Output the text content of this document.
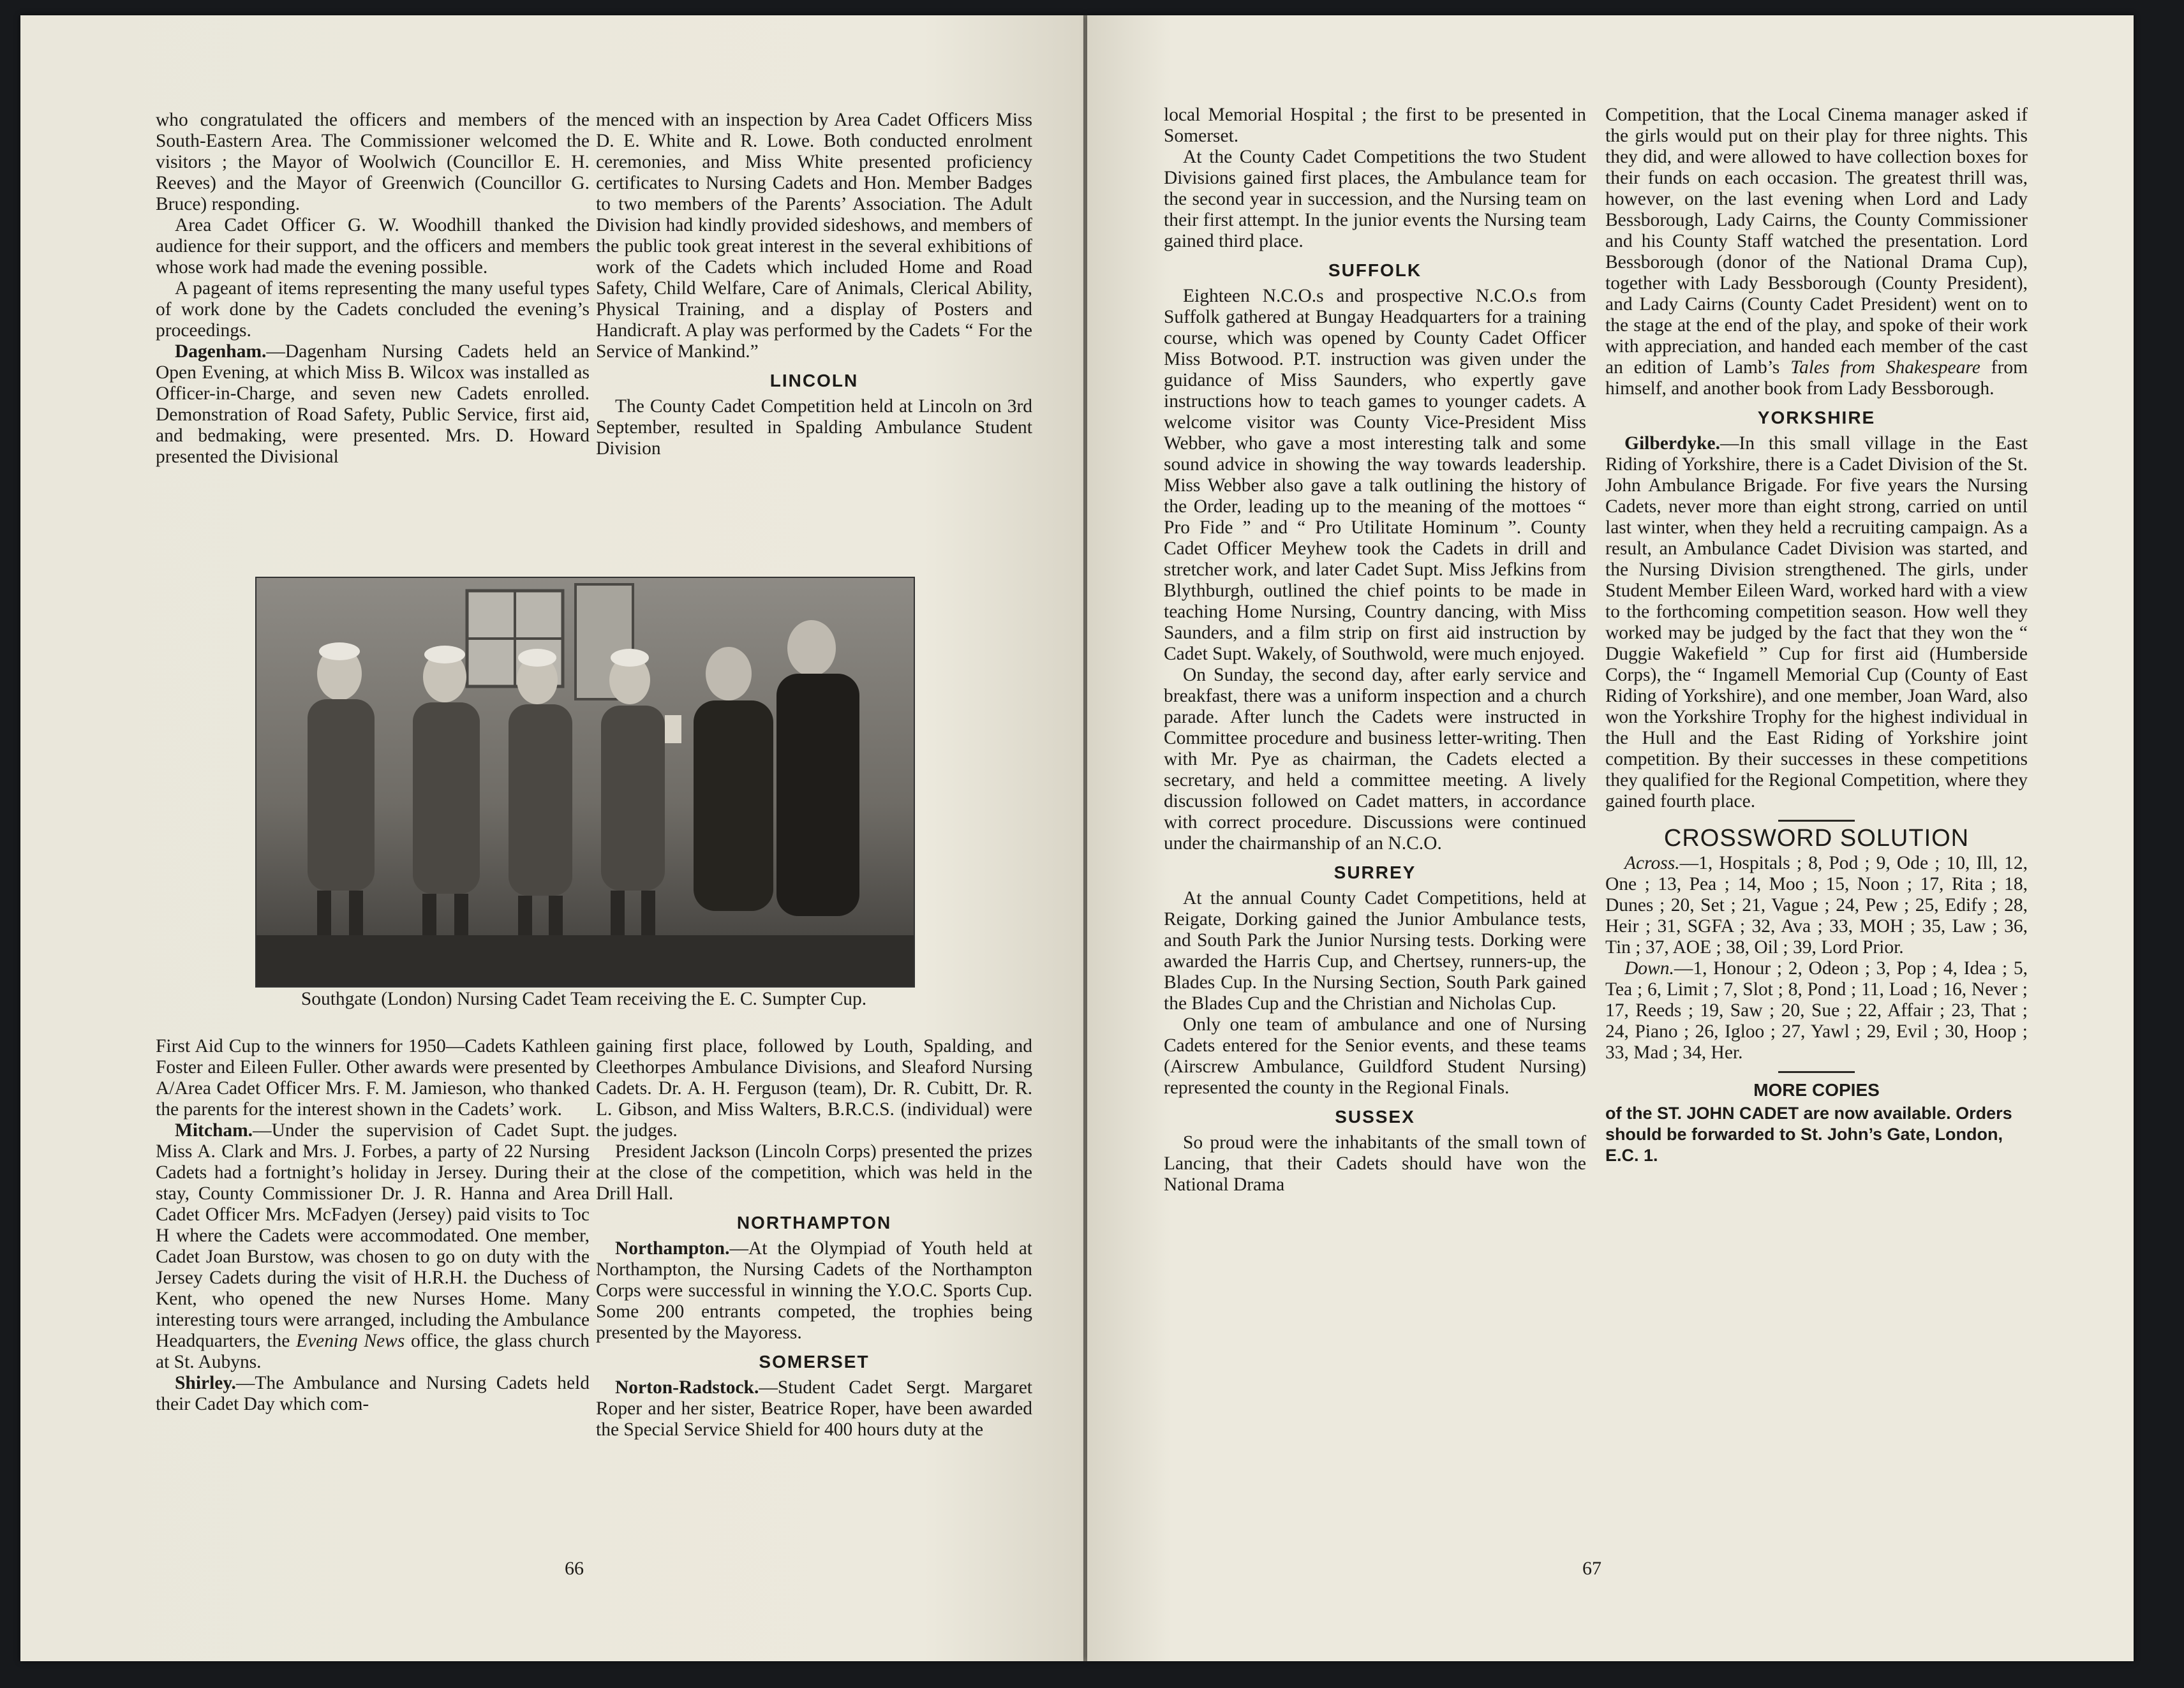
who congratulated the officers and members of the South-Eastern Area. The Commissioner welcomed the visitors ; the Mayor of Woolwich (Councillor E. H. Reeves) and the Mayor of Greenwich (Councillor G. Bruce) responding.

Area Cadet Officer G. W. Woodhill thanked the audience for their support, and the officers and members whose work had made the evening possible.

A pageant of items representing the many useful types of work done by the Cadets concluded the evening’s proceedings.

Dagenham.—Dagenham Nursing Cadets held an Open Evening, at which Miss B. Wilcox was installed as Officer-in-Charge, and seven new Cadets enrolled. Demonstration of Road Safety, Public Service, first aid, and bedmaking, were presented. Mrs. D. Howard presented the Divisional

menced with an inspection by Area Cadet Officers Miss D. E. White and R. Lowe. Both conducted enrolment ceremonies, and Miss White presented proficiency certificates to Nursing Cadets and Hon. Member Badges to two members of the Parents’ Association. The Adult Division had kindly provided sideshows, and members of the public took great interest in the several exhibitions of work of the Cadets which included Home and Road Safety, Child Welfare, Care of Animals, Clerical Ability, Physical Training, and a display of Posters and Handicraft. A play was performed by the Cadets “ For the Service of Mankind.”

LINCOLN

The County Cadet Competition held at Lincoln on 3rd September, resulted in Spalding Ambulance Student Division

Southgate (London) Nursing Cadet Team receiving the E. C. Sumpter Cup.

First Aid Cup to the winners for 1950—Cadets Kathleen Foster and Eileen Fuller. Other awards were presented by A/Area Cadet Officer Mrs. F. M. Jamieson, who thanked the parents for the interest shown in the Cadets’ work.

Mitcham.—Under the supervision of Cadet Supt. Miss A. Clark and Mrs. J. Forbes, a party of 22 Nursing Cadets had a fortnight’s holiday in Jersey. During their stay, County Commissioner Dr. J. R. Hanna and Area Cadet Officer Mrs. McFadyen (Jersey) paid visits to Toc H where the Cadets were accommodated. One member, Cadet Joan Burstow, was chosen to go on duty with the Jersey Cadets during the visit of H.R.H. the Duchess of Kent, who opened the new Nurses Home. Many interesting tours were arranged, including the Ambulance Headquarters, the Evening News office, the glass church at St. Aubyns.

Shirley.—The Ambulance and Nursing Cadets held their Cadet Day which com-

gaining first place, followed by Louth, Spalding, and Cleethorpes Ambulance Divisions, and Sleaford Nursing Cadets. Dr. A. H. Ferguson (team), Dr. R. Cubitt, Dr. R. L. Gibson, and Miss Walters, B.R.C.S. (individual) were the judges.

President Jackson (Lincoln Corps) presented the prizes at the close of the competition, which was held in the Drill Hall.

NORTHAMPTON

Northampton.—At the Olympiad of Youth held at Northampton, the Nursing Cadets of the Northampton Corps were successful in winning the Y.O.C. Sports Cup. Some 200 entrants competed, the trophies being presented by the Mayoress.

SOMERSET

Norton-Radstock.—Student Cadet Sergt. Margaret Roper and her sister, Beatrice Roper, have been awarded the Special Service Shield for 400 hours duty at the

66

local Memorial Hospital ; the first to be presented in Somerset.

At the County Cadet Competitions the two Student Divisions gained first places, the Ambulance team for the second year in succession, and the Nursing team on their first attempt. In the junior events the Nursing team gained third place.

SUFFOLK

Eighteen N.C.O.s and prospective N.C.O.s from Suffolk gathered at Bungay Headquarters for a training course, which was opened by County Cadet Officer Miss Botwood. P.T. instruction was given under the guidance of Miss Saunders, who expertly gave instructions how to teach games to younger cadets. A welcome visitor was County Vice-President Miss Webber, who gave a most interesting talk and some sound advice in showing the way towards leadership. Miss Webber also gave a talk outlining the history of the Order, leading up to the meaning of the mottoes “ Pro Fide ” and “ Pro Utilitate Hominum ”. County Cadet Officer Meyhew took the Cadets in drill and stretcher work, and later Cadet Supt. Miss Jefkins from Blythburgh, outlined the chief points to be made in teaching Home Nursing, Country dancing, with Miss Saunders, and a film strip on first aid instruction by Cadet Supt. Wakely, of Southwold, were much enjoyed.

On Sunday, the second day, after early service and breakfast, there was a uniform inspection and a church parade. After lunch the Cadets were instructed in Committee procedure and business letter-writing. Then with Mr. Pye as chairman, the Cadets elected a secretary, and held a committee meeting. A lively discussion followed on Cadet matters, in accordance with correct procedure. Discussions were continued under the chairmanship of an N.C.O.

SURREY

At the annual County Cadet Competitions, held at Reigate, Dorking gained the Junior Ambulance tests, and South Park the Junior Nursing tests. Dorking were awarded the Harris Cup, and Chertsey, runners-up, the Blades Cup. In the Nursing Section, South Park gained the Blades Cup and the Christian and Nicholas Cup.

Only one team of ambulance and one of Nursing Cadets entered for the Senior events, and these teams (Airscrew Ambulance, Guildford Student Nursing) represented the county in the Regional Finals.

SUSSEX

So proud were the inhabitants of the small town of Lancing, that their Cadets should have won the National Drama

Competition, that the Local Cinema manager asked if the girls would put on their play for three nights. This they did, and were allowed to have collection boxes for their funds on each occasion. The greatest thrill was, however, on the last evening when Lord and Lady Bessborough, Lady Cairns, the County Commissioner and his County Staff watched the presentation. Lord Bessborough (donor of the National Drama Cup), together with Lady Bessborough (County President), and Lady Cairns (County Cadet President) went on to the stage at the end of the play, and spoke of their work with appreciation, and handed each member of the cast an edition of Lamb’s Tales from Shakespeare from himself, and another book from Lady Bessborough.

YORKSHIRE

Gilberdyke.—In this small village in the East Riding of Yorkshire, there is a Cadet Division of the St. John Ambulance Brigade. For five years the Nursing Cadets, never more than eight strong, carried on until last winter, when they held a recruiting campaign. As a result, an Ambulance Cadet Division was started, and the Nursing Division strengthened. The girls, under Student Member Eileen Ward, worked hard with a view to the forthcoming competition season. How well they worked may be judged by the fact that they won the “ Duggie Wakefield ” Cup for first aid (Humberside Corps), the “ Ingamell Memorial Cup (County of East Riding of Yorkshire), and one member, Joan Ward, also won the Yorkshire Trophy for the highest individual in the Hull and the East Riding of Yorkshire joint competition. By their successes in these competitions they qualified for the Regional Competition, where they gained fourth place.

CROSSWORD SOLUTION

Across.—1, Hospitals ; 8, Pod ; 9, Ode ; 10, Ill, 12, One ; 13, Pea ; 14, Moo ; 15, Noon ; 17, Rita ; 18, Dunes ; 20, Set ; 21, Vague ; 24, Pew ; 25, Edify ; 28, Heir ; 31, SGFA ; 32, Ava ; 33, MOH ; 35, Law ; 36, Tin ; 37, AOE ; 38, Oil ; 39, Lord Prior.

Down.—1, Honour ; 2, Odeon ; 3, Pop ; 4, Idea ; 5, Tea ; 6, Limit ; 7, Slot ; 8, Pond ; 11, Load ; 16, Never ; 17, Reeds ; 19, Saw ; 20, Sue ; 22, Affair ; 23, That ; 24, Piano ; 26, Igloo ; 27, Yawl ; 29, Evil ; 30, Hoop ; 33, Mad ; 34, Her.

MORE COPIES
of the ST. JOHN CADET are now available. Orders should be forwarded to St. John’s Gate, London, E.C. 1.
67
